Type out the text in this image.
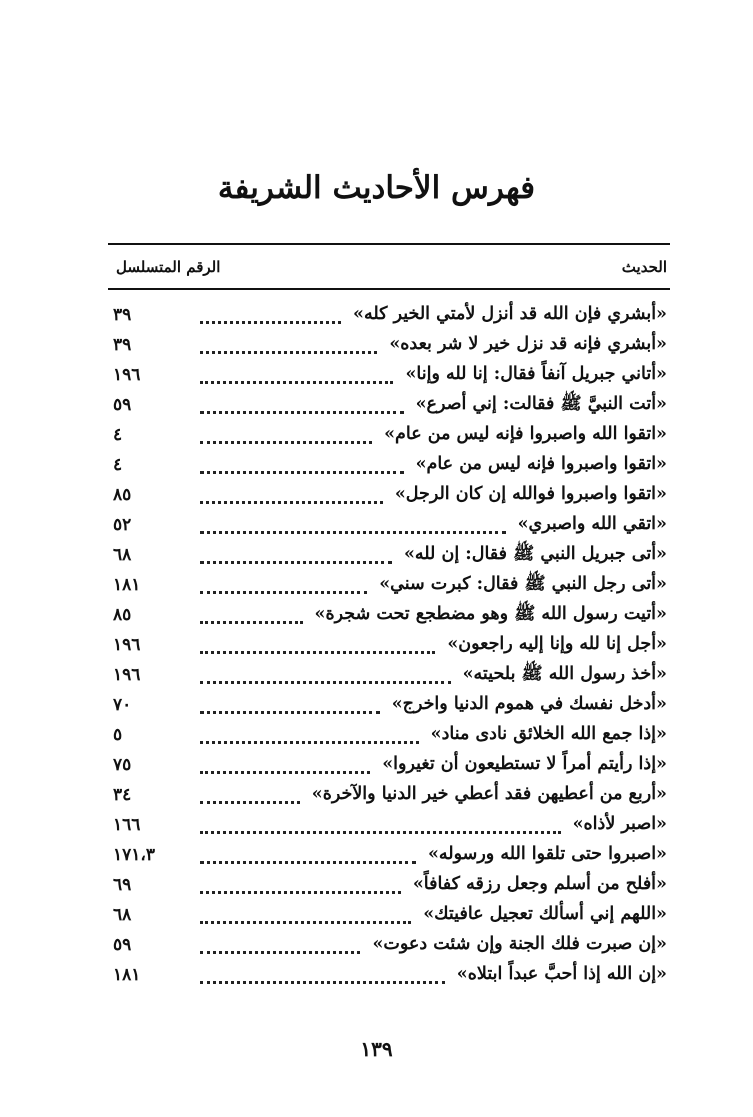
فهرس الأحاديث الشريفة
الحديث
الرقم المتسلسل
«أبشري فإن الله قد أنزل لأمتي الخير كله»
٣٩
«أبشري فإنه قد نزل خير لا شر بعده»
٣٩
«أتاني جبريل آنفاً فقال: إنا لله وإنا»
١٩٦
«أتت النبيَّ ﷺ فقالت: إني أصرع»
٥٩
«اتقوا الله واصبروا فإنه ليس من عام»
٤
«اتقوا واصبروا فإنه ليس من عام»
٤
«اتقوا واصبروا فوالله إن كان الرجل»
٨٥
«اتقي الله واصبري»
٥٢
«أتى جبريل النبي ﷺ فقال: إن لله»
٦٨
«أتى رجل النبي ﷺ فقال: كبرت سني»
١٨١
«أتيت رسول الله ﷺ وهو مضطجع تحت شجرة»
٨٥
«أجل إنا لله وإنا إليه راجعون»
١٩٦
«أخذ رسول الله ﷺ بلحيته»
١٩٦
«أدخل نفسك في هموم الدنيا واخرج»
٧٠
«إذا جمع الله الخلائق نادى مناد»
٥
«إذا رأيتم أمراً لا تستطيعون أن تغيروا»
٧٥
«أربع من أعطيهن فقد أعطي خير الدنيا والآخرة»
٣٤
«اصبر لأذاه»
١٦٦
«اصبروا حتى تلقوا الله ورسوله»
١٧١،٣
«أفلح من أسلم وجعل رزقه كفافاً»
٦٩
«اللهم إني أسألك تعجيل عافيتك»
٦٨
«إن صبرت فلك الجنة وإن شئت دعوت»
٥٩
«إن الله إذا أحبَّ عبداً ابتلاه»
١٨١
١٣٩
